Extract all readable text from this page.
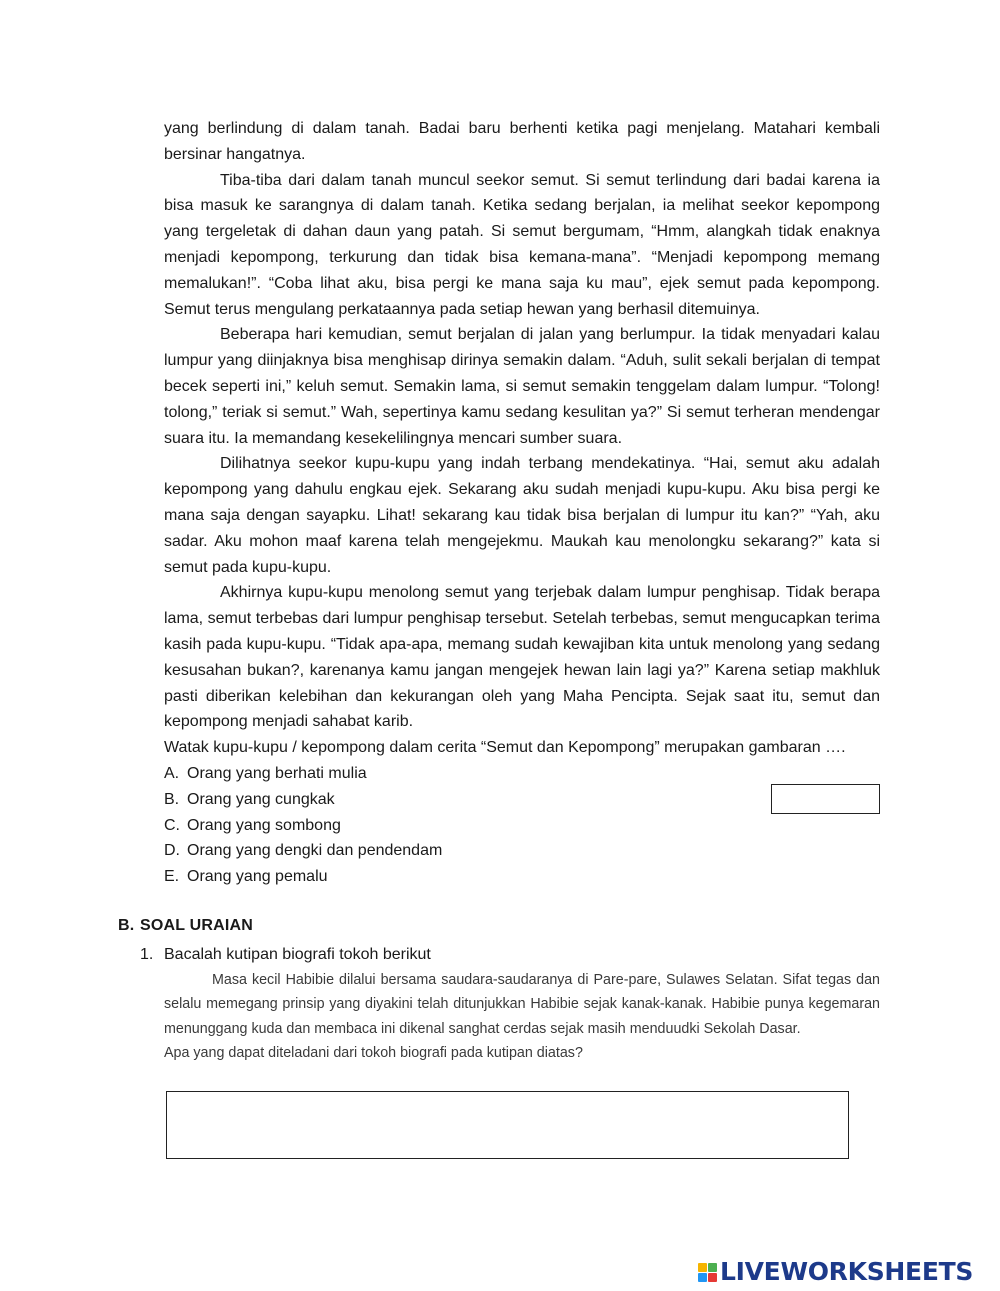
yang berlindung di dalam tanah. Badai baru berhenti ketika pagi menjelang. Matahari kembali bersinar hangatnya.

Tiba-tiba dari dalam tanah muncul seekor semut. Si semut terlindung dari badai karena ia bisa masuk ke sarangnya di dalam tanah. Ketika sedang berjalan, ia melihat seekor kepompong yang tergeletak di dahan daun yang patah. Si semut bergumam, “Hmm, alangkah tidak enaknya menjadi kepompong, terkurung dan tidak bisa kemana-mana”. “Menjadi kepompong memang memalukan!”. “Coba lihat aku, bisa pergi ke mana saja ku mau”, ejek semut pada kepompong. Semut terus mengulang perkataannya pada setiap hewan yang berhasil ditemuinya.

Beberapa hari kemudian, semut berjalan di jalan yang berlumpur. Ia tidak menyadari kalau lumpur yang diinjaknya bisa menghisap dirinya semakin dalam. “Aduh, sulit sekali berjalan di tempat becek seperti ini,” keluh semut. Semakin lama, si semut semakin tenggelam dalam lumpur. “Tolong! tolong,” teriak si semut.” Wah, sepertinya kamu sedang kesulitan ya?” Si semut terheran mendengar suara itu. Ia memandang kesekelilingnya mencari sumber suara.

Dilihatnya seekor kupu-kupu yang indah terbang mendekatinya. “Hai, semut aku adalah kepompong yang dahulu engkau ejek. Sekarang aku sudah menjadi kupu-kupu. Aku bisa pergi ke mana saja dengan sayapku. Lihat! sekarang kau tidak bisa berjalan di lumpur itu kan?” “Yah, aku sadar. Aku mohon maaf karena telah mengejekmu. Maukah kau menolongku sekarang?” kata si semut pada kupu-kupu.

Akhirnya kupu-kupu menolong semut yang terjebak dalam lumpur penghisap. Tidak berapa lama, semut terbebas dari lumpur penghisap tersebut. Setelah terbebas, semut mengucapkan terima kasih pada kupu-kupu. “Tidak apa-apa, memang sudah kewajiban kita untuk menolong yang sedang kesusahan bukan?, karenanya kamu jangan mengejek hewan lain lagi ya?” Karena setiap makhluk pasti diberikan kelebihan dan kekurangan oleh yang Maha Pencipta. Sejak saat itu, semut dan kepompong menjadi sahabat karib.

Watak kupu-kupu / kepompong dalam cerita “Semut dan Kepompong” merupakan gambaran ….

A. Orang yang berhati mulia
B. Orang yang cungkak
C. Orang yang sombong
D. Orang yang dengki dan pendendam
E. Orang yang pemalu
B. SOAL URAIAN
1. Bacalah kutipan biografi tokoh berikut

Masa kecil Habibie dilalui bersama saudara-saudaranya di Pare-pare, Sulawes Selatan. Sifat tegas dan selalu memegang prinsip yang diyakini telah ditunjukkan Habibie sejak kanak-kanak. Habibie punya kegemaran menunggang kuda dan membaca ini dikenal sanghat cerdas sejak masih menduudki Sekolah Dasar.

Apa yang dapat diteladani dari tokoh biografi pada kutipan diatas?

LIVEWORKSHEETS
